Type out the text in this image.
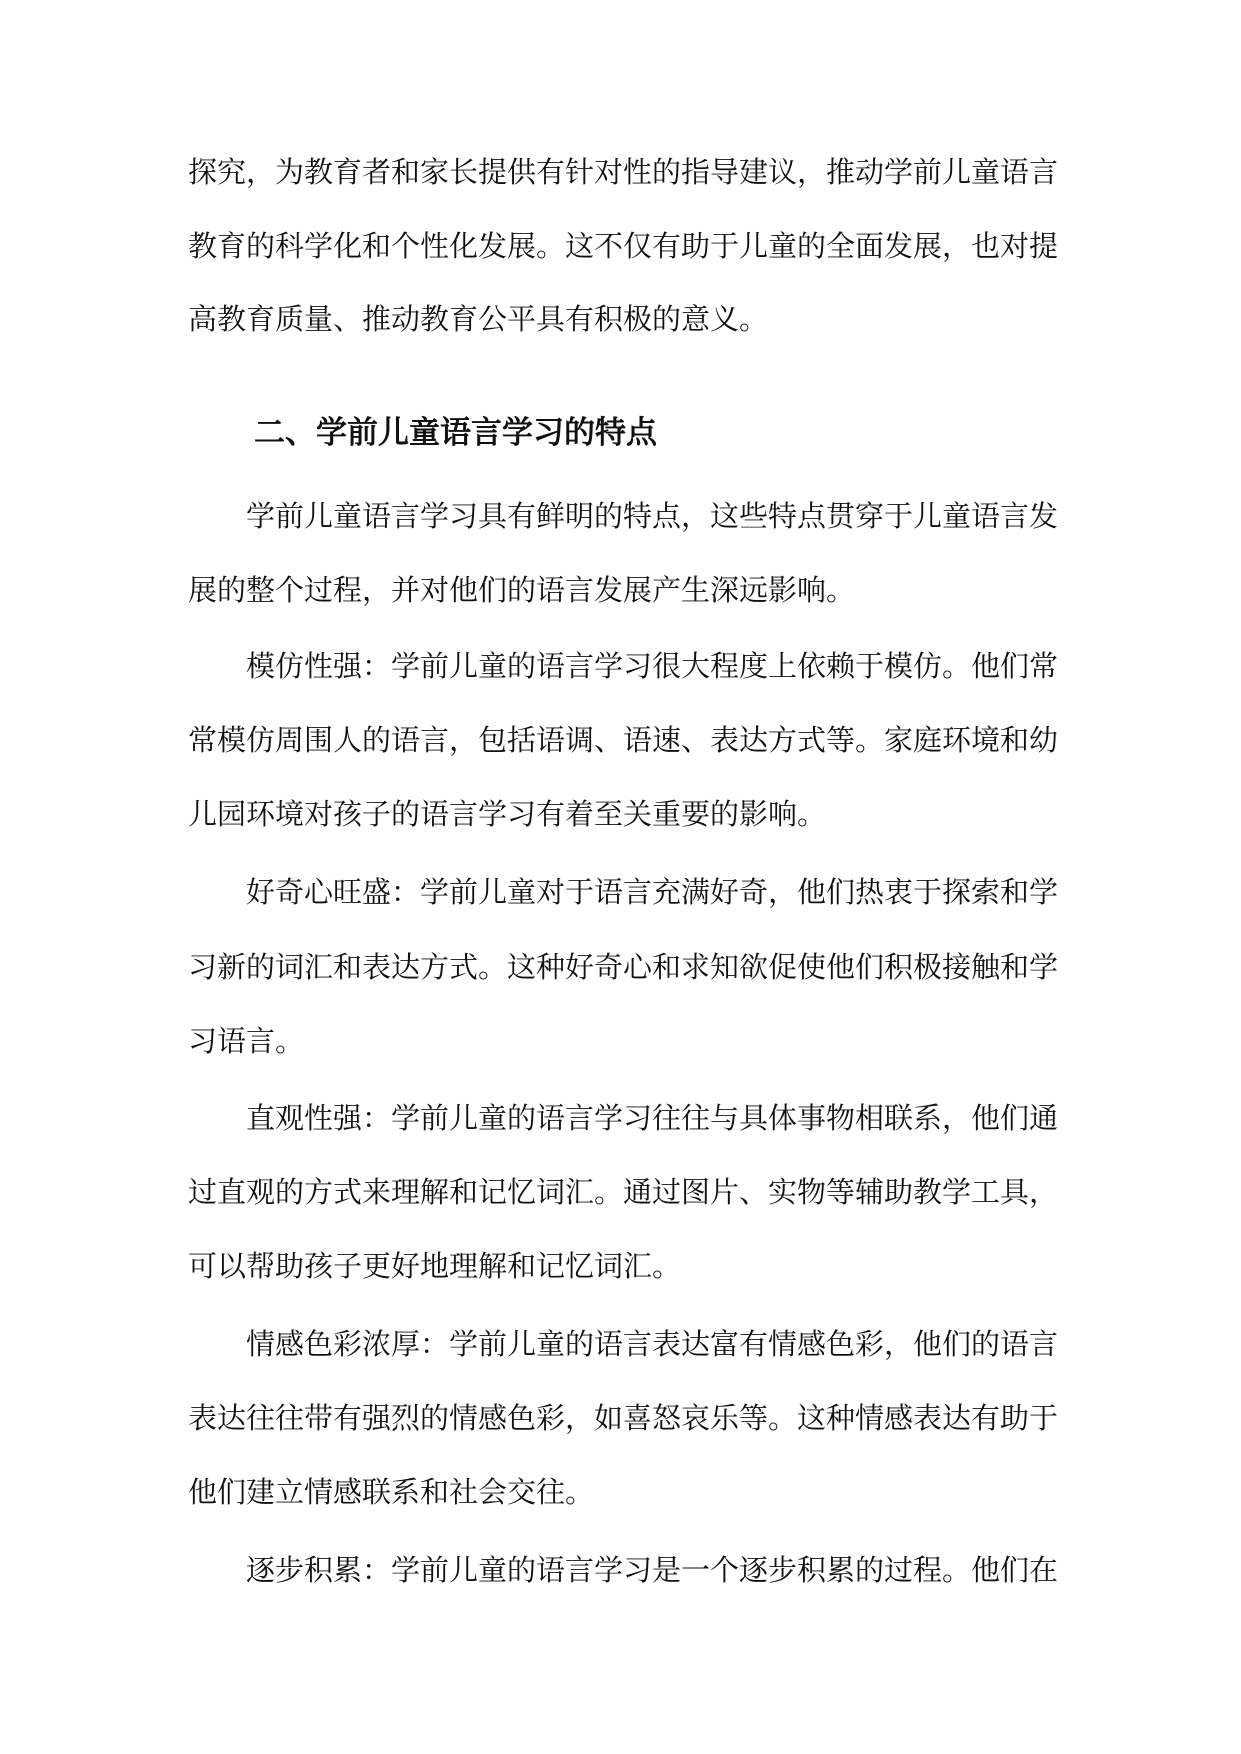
探究，为教育者和家长提供有针对性的指导建议，推动学前儿童语言
教育的科学化和个性化发展。这不仅有助于儿童的全面发展，也对提
高教育质量、推动教育公平具有积极的意义。
二、学前儿童语言学习的特点
学前儿童语言学习具有鲜明的特点，这些特点贯穿于儿童语言发
展的整个过程，并对他们的语言发展产生深远影响。
模仿性强：学前儿童的语言学习很大程度上依赖于模仿。他们常
常模仿周围人的语言，包括语调、语速、表达方式等。家庭环境和幼
儿园环境对孩子的语言学习有着至关重要的影响。
好奇心旺盛：学前儿童对于语言充满好奇，他们热衷于探索和学
习新的词汇和表达方式。这种好奇心和求知欲促使他们积极接触和学
习语言。
直观性强：学前儿童的语言学习往往与具体事物相联系，他们通
过直观的方式来理解和记忆词汇。通过图片、实物等辅助教学工具，
可以帮助孩子更好地理解和记忆词汇。
情感色彩浓厚：学前儿童的语言表达富有情感色彩，他们的语言
表达往往带有强烈的情感色彩，如喜怒哀乐等。这种情感表达有助于
他们建立情感联系和社会交往。
逐步积累：学前儿童的语言学习是一个逐步积累的过程。他们在
